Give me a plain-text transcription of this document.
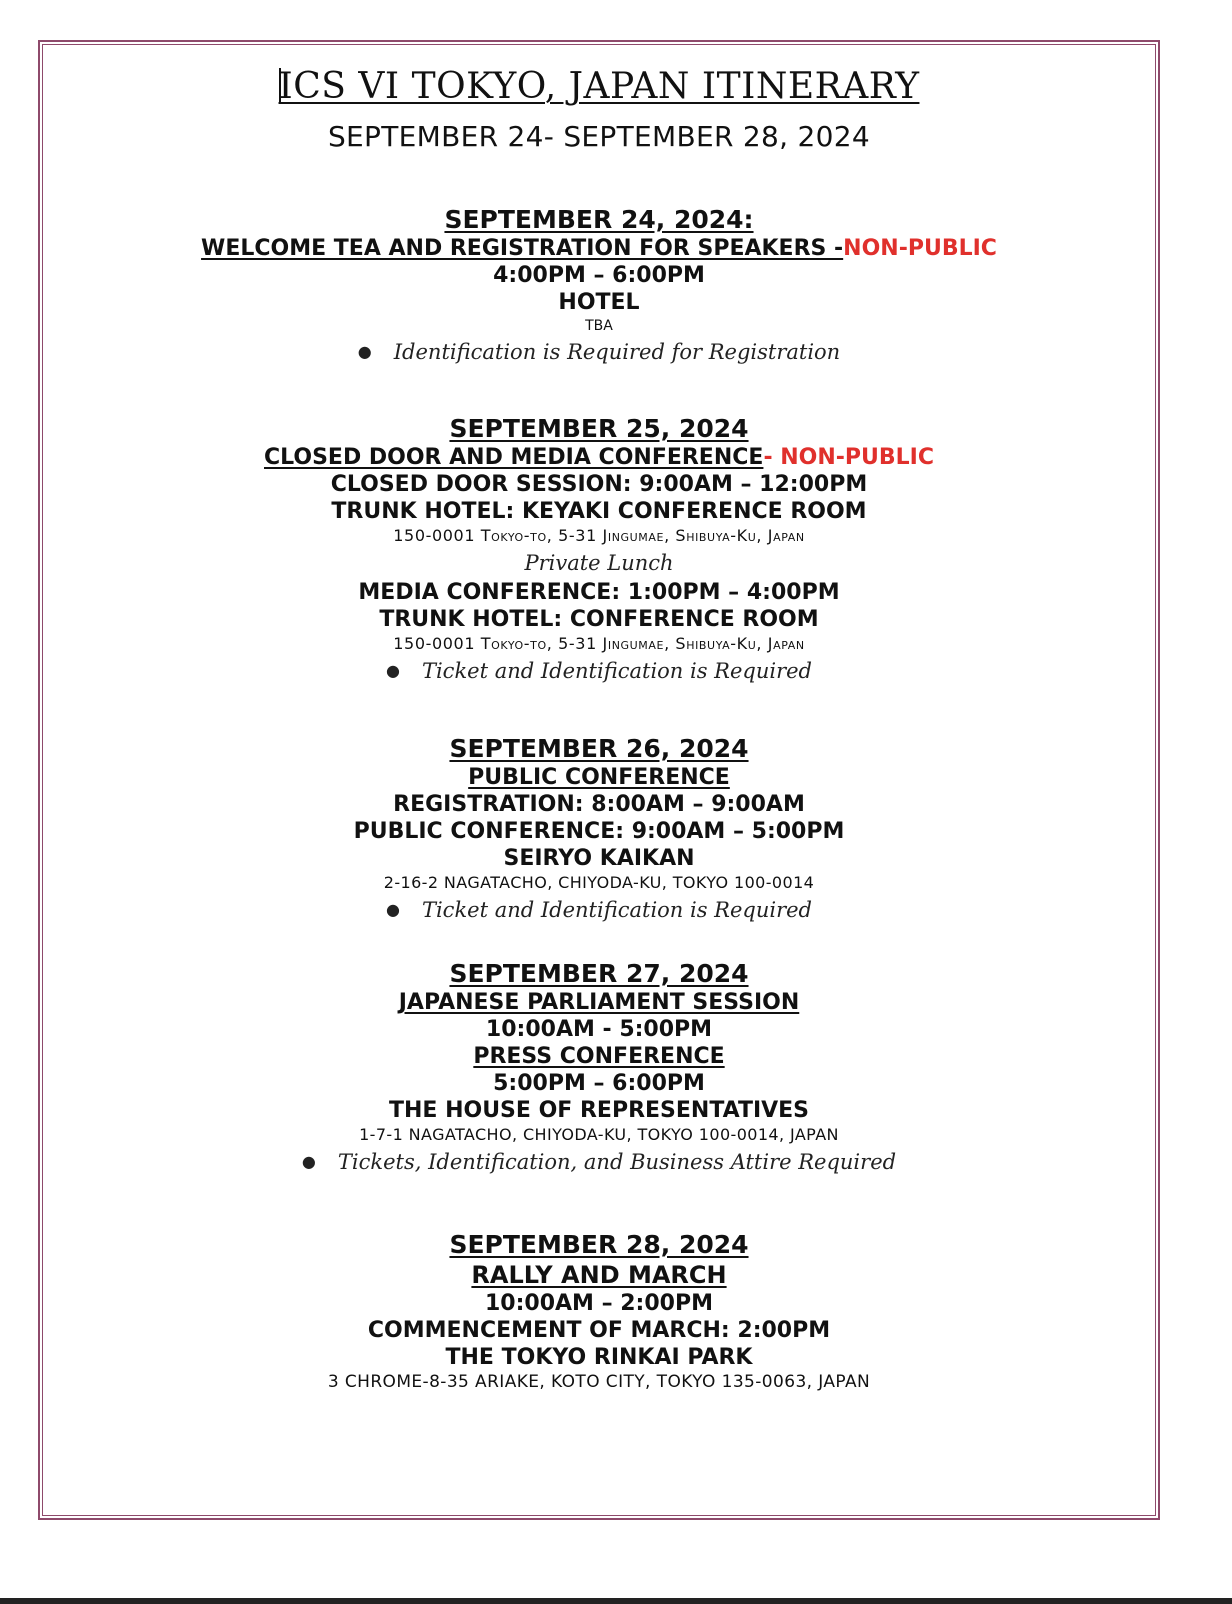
ICS VI TOKYO, JAPAN ITINERARY
SEPTEMBER 24- SEPTEMBER 28, 2024
SEPTEMBER 24, 2024:
WELCOME TEA AND REGISTRATION FOR SPEAKERS -NON-PUBLIC
4:00PM – 6:00PM
HOTEL
TBA
● Identification is Required for Registration
SEPTEMBER 25, 2024
CLOSED DOOR AND MEDIA CONFERENCE- NON-PUBLIC
CLOSED DOOR SESSION: 9:00AM – 12:00PM
TRUNK HOTEL: KEYAKI CONFERENCE ROOM
150-0001 Tokyo-to, 5-31 Jingumae, Shibuya-Ku, Japan
Private Lunch
MEDIA CONFERENCE: 1:00PM – 4:00PM
TRUNK HOTEL: CONFERENCE ROOM
150-0001 Tokyo-to, 5-31 Jingumae, Shibuya-Ku, Japan
● Ticket and Identification is Required
SEPTEMBER 26, 2024
PUBLIC CONFERENCE
REGISTRATION: 8:00AM – 9:00AM
PUBLIC CONFERENCE: 9:00AM – 5:00PM
SEIRYO KAIKAN
2-16-2 NAGATACHO, CHIYODA-KU, TOKYO 100-0014
● Ticket and Identification is Required
SEPTEMBER 27, 2024
JAPANESE PARLIAMENT SESSION
10:00AM - 5:00PM
PRESS CONFERENCE
5:00PM – 6:00PM
THE HOUSE OF REPRESENTATIVES
1-7-1 NAGATACHO, CHIYODA-KU, TOKYO 100-0014, JAPAN
● Tickets, Identification, and Business Attire Required
SEPTEMBER 28, 2024
RALLY AND MARCH
10:00AM – 2:00PM
COMMENCEMENT OF MARCH: 2:00PM
THE TOKYO RINKAI PARK
3 CHROME-8-35 ARIAKE, KOTO CITY, TOKYO 135-0063, JAPAN
